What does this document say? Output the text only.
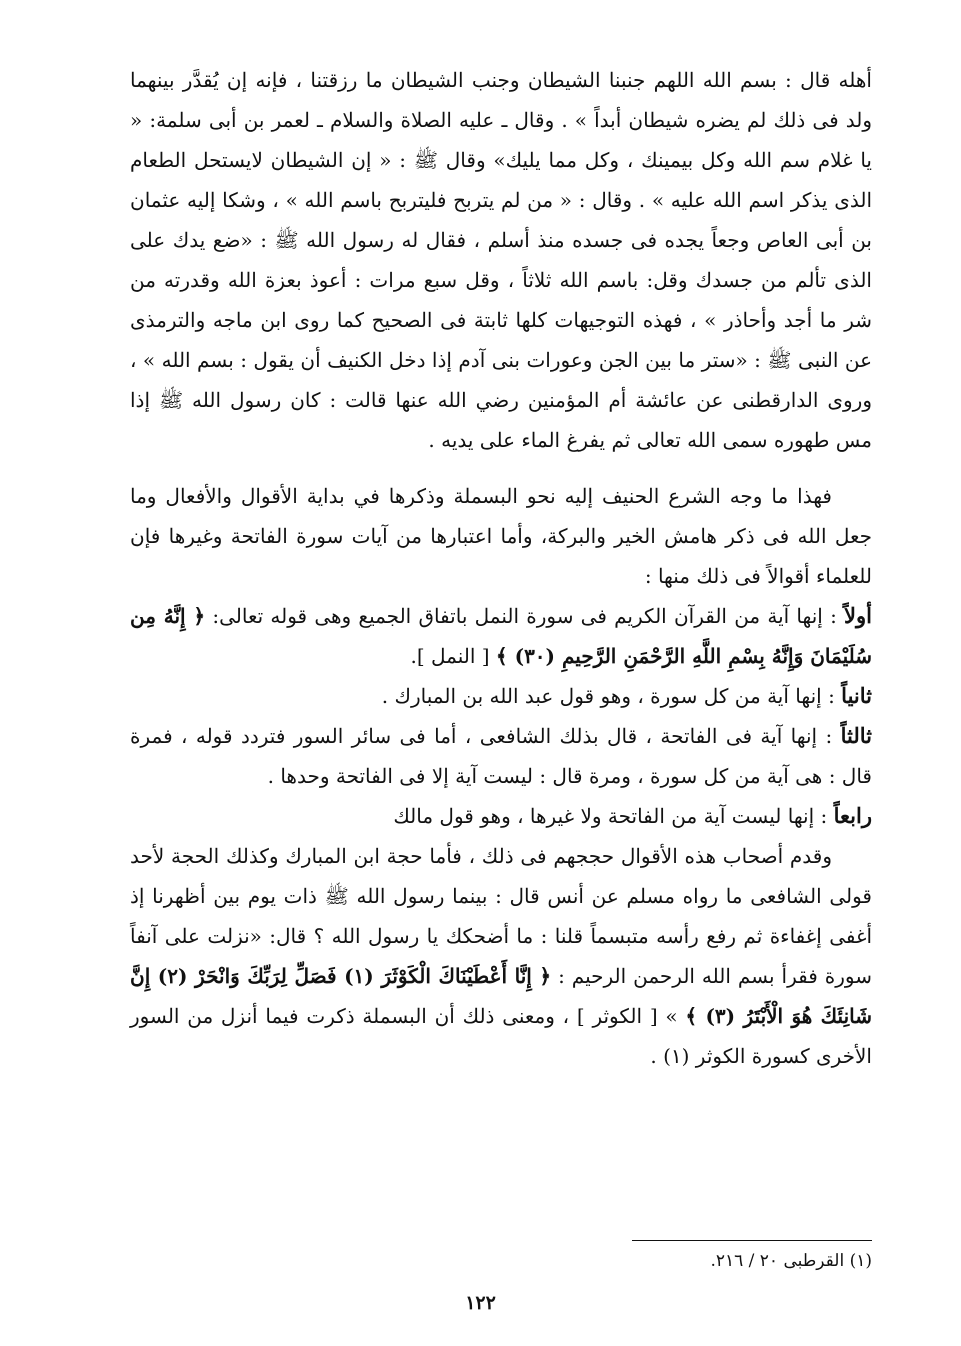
أهله قال : بسم الله اللهم جنبنا الشيطان وجنب الشيطان ما رزقتنا ، فإنه إن يُقدَّر بينهما ولد فى ذلك لم يضره شيطان أبداً » . وقال ـ عليه الصلاة والسلام ـ لعمر بن أبى سلمة: « يا غلام سم الله وكل بيمينك ، وكل مما يليك» وقال ﷺ : « إن الشيطان لايستحل الطعام الذى يذكر اسم الله عليه » . وقال : « من لم يتربح فليتربح باسم الله » ، وشكا إليه عثمان بن أبى العاص وجعاً يجده فى جسده منذ أسلم ، فقال له رسول الله ﷺ : «ضع يدك على الذى تألم من جسدك وقل: باسم الله ثلاثاً ، وقل سبع مرات : أعوذ بعزة الله وقدرته من شر ما أجد وأحاذر » ، فهذه التوجيهات كلها ثابتة فى الصحيح كما روى ابن ماجه والترمذى عن النبى ﷺ : «ستر ما بين الجن وعورات بنى آدم إذا دخل الكنيف أن يقول : بسم الله » ، وروى الدارقطنى عن عائشة أم المؤمنين رضي الله عنها قالت : كان رسول الله ﷺ إذا مس طهوره سمى الله تعالى ثم يفرغ الماء على يديه .

فهذا ما وجه الشرع الحنيف إليه نحو البسملة وذكرها في بداية الأقوال والأفعال وما جعل الله فى ذكر هامش الخير والبركة، وأما اعتبارها من آيات سورة الفاتحة وغيرها فإن للعلماء أقوالاً فى ذلك منها :

أولاً : إنها آية من القرآن الكريم فى سورة النمل باتفاق الجميع وهى قوله تعالى: ﴿ إِنَّهُ مِن سُلَيْمَانَ وَإِنَّهُ بِسْمِ اللَّهِ الرَّحْمَنِ الرَّحِيمِ (٣٠) ﴾ [ النمل ].

ثانياً : إنها آية من كل سورة ، وهو قول عبد الله بن المبارك .

ثالثاً : إنها آية فى الفاتحة ، قال بذلك الشافعى ، أما فى سائر السور فتردد قوله ، فمرة قال : هى آية من كل سورة ، ومرة قال : ليست آية إلا فى الفاتحة وحدها .

رابعاً : إنها ليست آية من الفاتحة ولا غيرها ، وهو قول مالك

وقدم أصحاب هذه الأقوال حججهم فى ذلك ، فأما حجة ابن المبارك وكذلك الحجة لأحد قولى الشافعى ما رواه مسلم عن أنس قال : بينما رسول الله ﷺ ذات يوم بين أظهرنا إذ أغفى إغفاءة ثم رفع رأسه متبسماً قلنا : ما أضحكك يا رسول الله ؟ قال: «نزلت على آنفاً سورة فقرأ بسم الله الرحمن الرحيم : ﴿ إِنَّا أَعْطَيْنَاكَ الْكَوْثَرَ (١) فَصَلِّ لِرَبِّكَ وَانْحَرْ (٢) إِنَّ شَانِئَكَ هُوَ الْأَبْتَرُ (٣) ﴾ » [ الكوثر ] ، ومعنى ذلك أن البسملة ذكرت فيما أنزل من السور الأخرى كسورة الكوثر (١) .

(١) القرطبى ٢٠ / ٢١٦.
١٢٢
